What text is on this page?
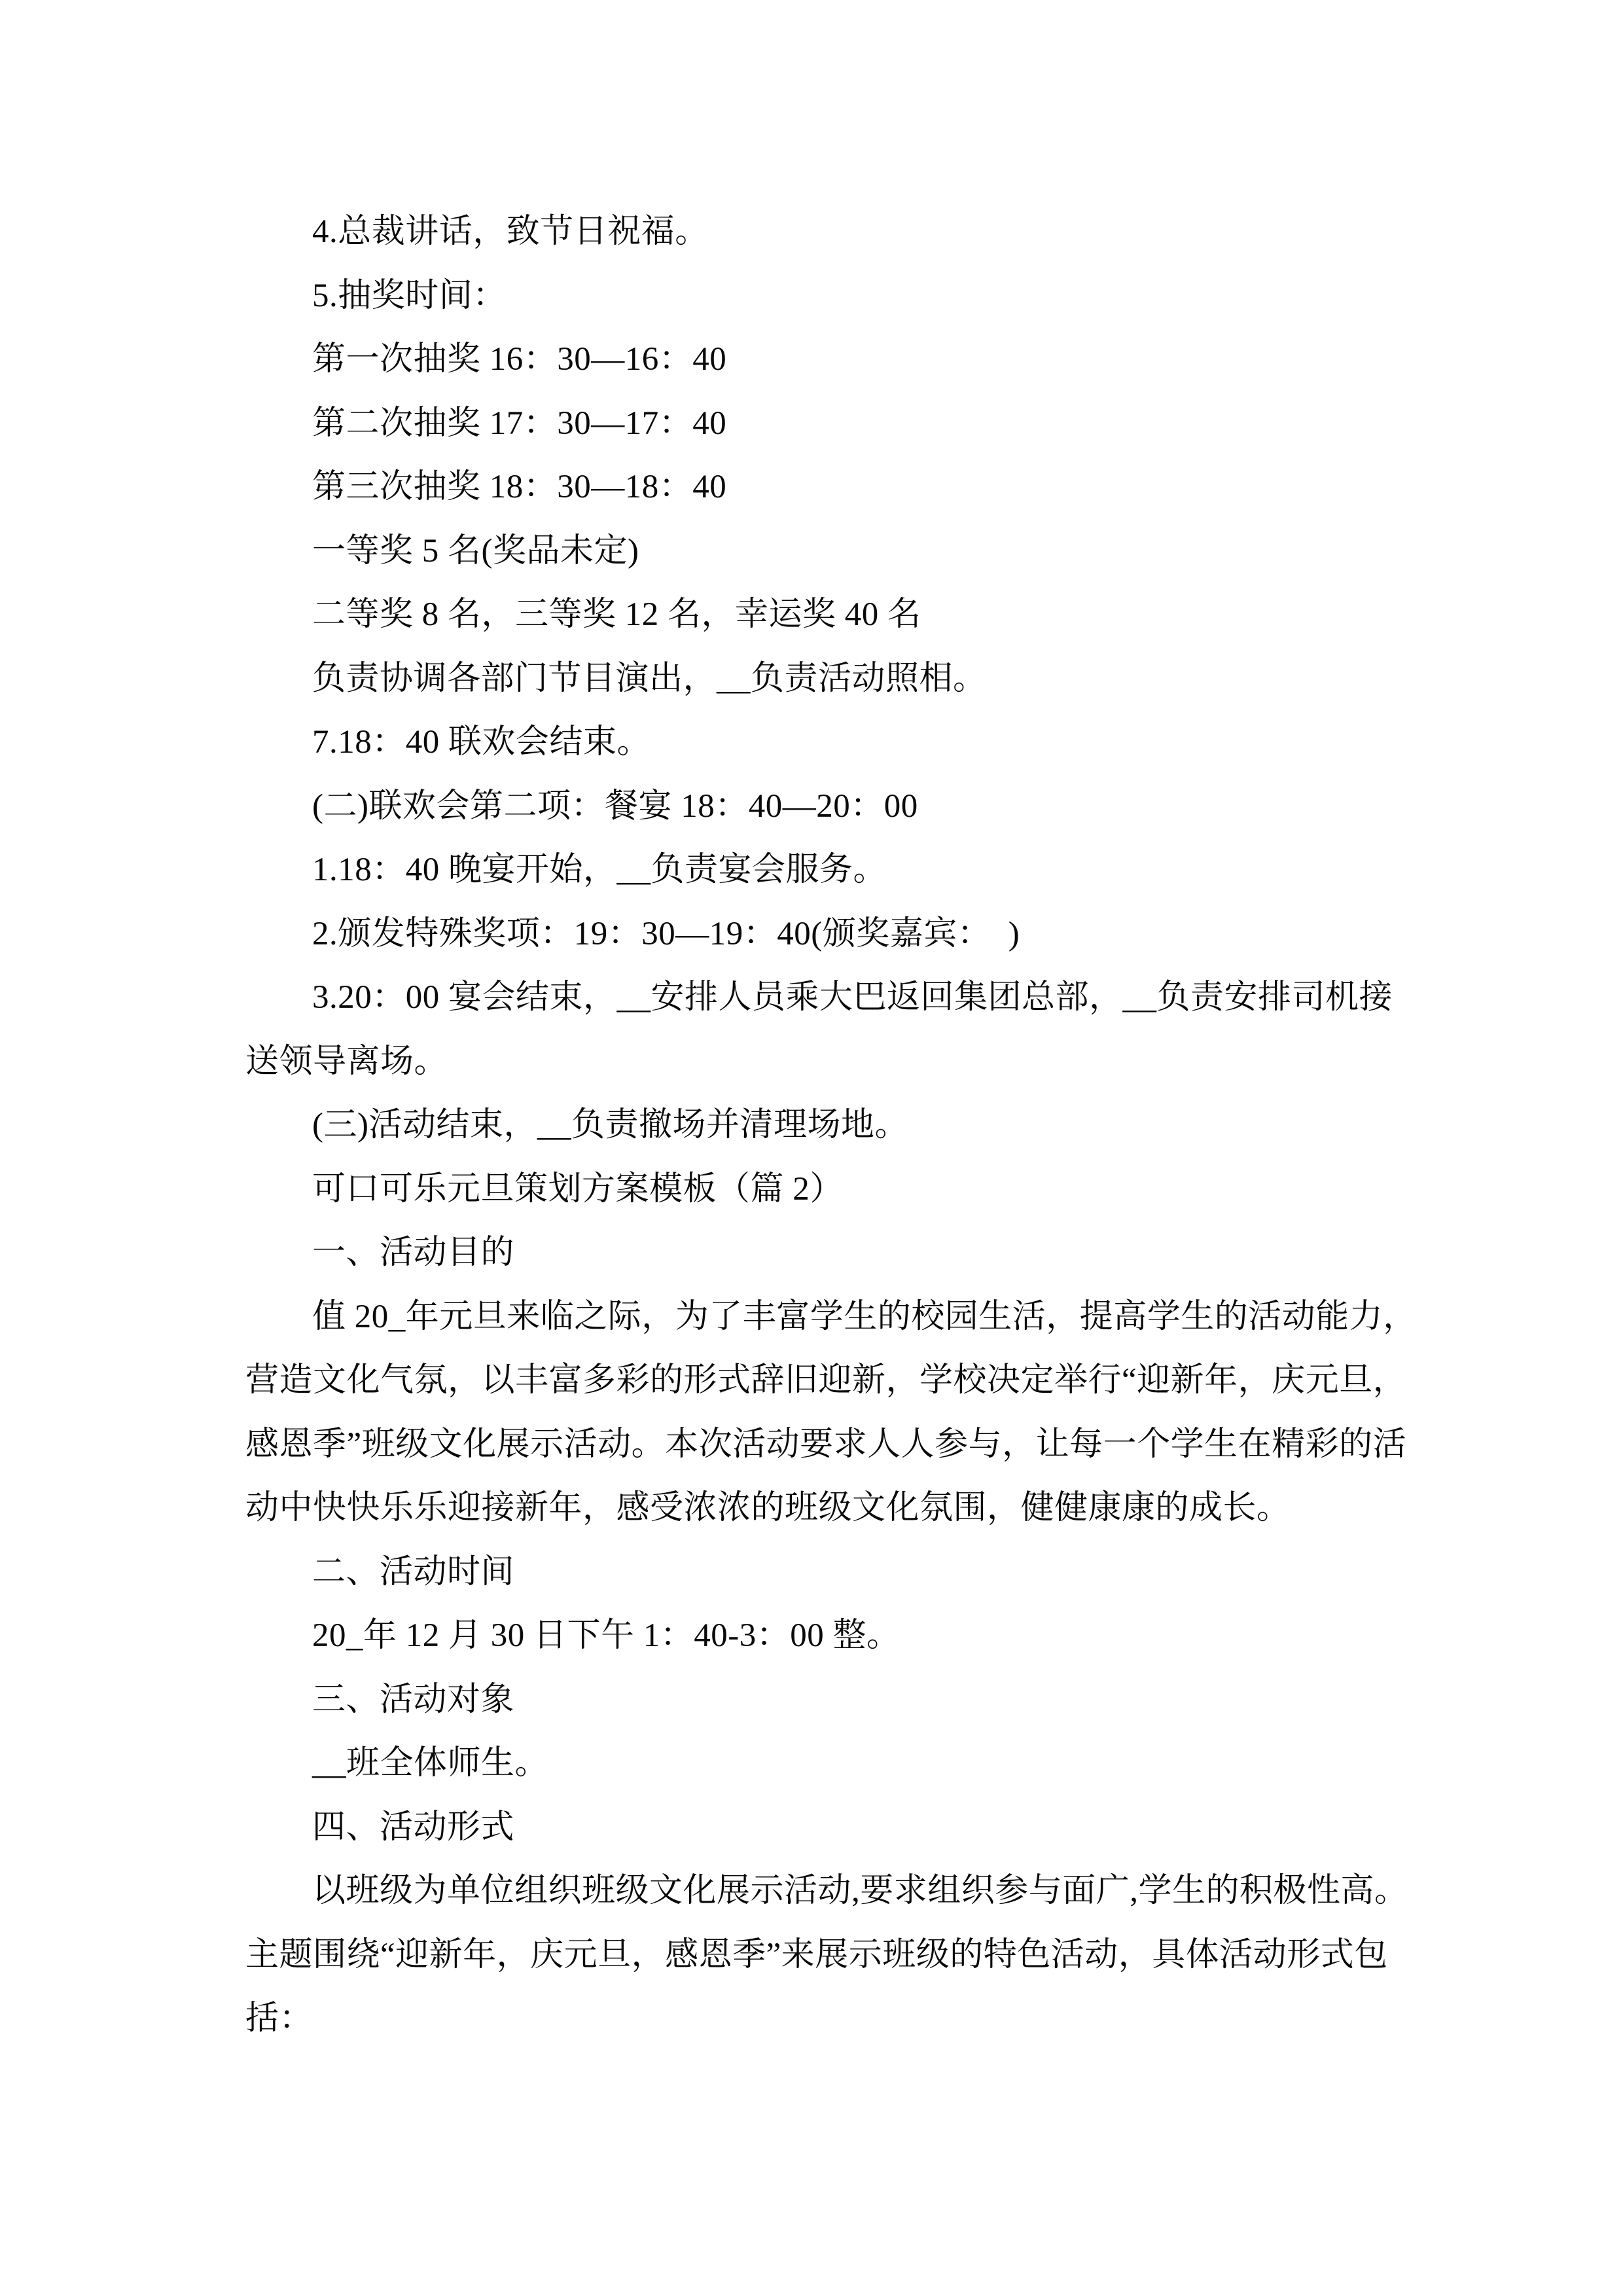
4.总裁讲话，致节日祝福。
5.抽奖时间：
第一次抽奖 16：30—16：40
第二次抽奖 17：30—17：40
第三次抽奖 18：30—18：40
一等奖 5 名(奖品未定)
二等奖 8 名，三等奖 12 名，幸运奖 40 名
负责协调各部门节目演出，__负责活动照相。
7.18：40 联欢会结束。
(二)联欢会第二项：餐宴 18：40—20：00
1.18：40 晚宴开始，__负责宴会服务。
2.颁发特殊奖项：19：30—19：40(颁奖嘉宾：  )
3.20：00 宴会结束，__安排人员乘大巴返回集团总部，__负责安排司机接
送领导离场。
(三)活动结束，__负责撤场并清理场地。
可口可乐元旦策划方案模板（篇 2）
一、活动目的
值 20_年元旦来临之际，为了丰富学生的校园生活，提高学生的活动能力，
营造文化气氛，以丰富多彩的形式辞旧迎新，学校决定举行“迎新年，庆元旦，
感恩季”班级文化展示活动。本次活动要求人人参与，让每一个学生在精彩的活
动中快快乐乐迎接新年，感受浓浓的班级文化氛围，健健康康的成长。
二、活动时间
20_年 12 月 30 日下午 1：40-3：00 整。
三、活动对象
__班全体师生。
四、活动形式
以班级为单位组织班级文化展示活动,要求组织参与面广,学生的积极性高。
主题围绕“迎新年，庆元旦，感恩季”来展示班级的特色活动，具体活动形式包
括：
